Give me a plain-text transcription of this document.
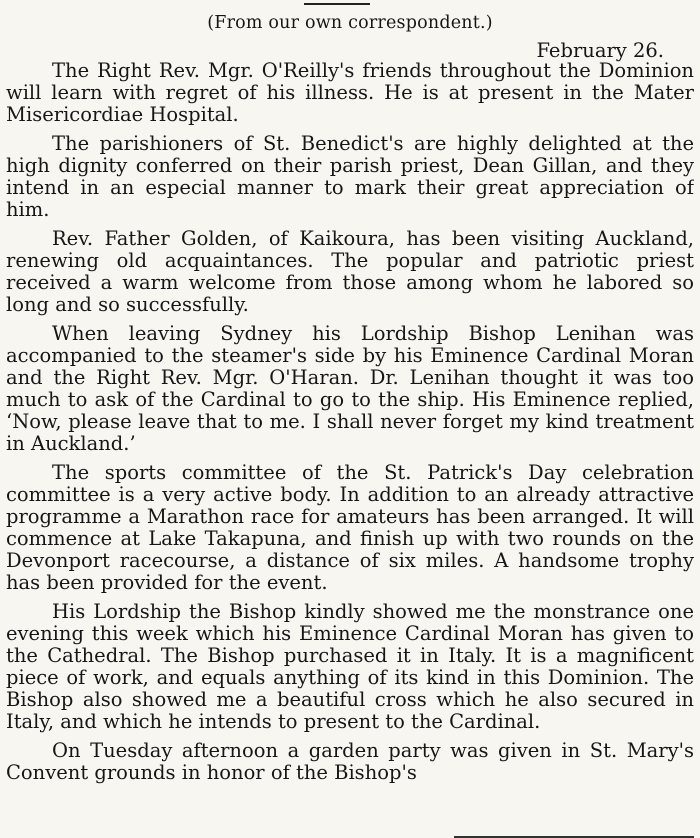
(From our own correspondent.)
February 26.

The Right Rev. Mgr. O'Reilly's friends throughout the Dominion will learn with regret of his illness. He is at present in the Mater Misericordiae Hospital.

The parishioners of St. Benedict's are highly delighted at the high dignity conferred on their parish priest, Dean Gillan, and they intend in an especial manner to mark their great appreciation of him.

Rev. Father Golden, of Kaikoura, has been visiting Auckland, renewing old acquaintances. The popular and patriotic priest received a warm welcome from those among whom he labored so long and so successfully.

When leaving Sydney his Lordship Bishop Lenihan was accompanied to the steamer's side by his Eminence Cardinal Moran and the Right Rev. Mgr. O'Haran. Dr. Lenihan thought it was too much to ask of the Cardinal to go to the ship. His Eminence replied, ‘Now, please leave that to me. I shall never forget my kind treatment in Auckland.’

The sports committee of the St. Patrick's Day celebration committee is a very active body. In addition to an already attractive programme a Marathon race for amateurs has been arranged. It will commence at Lake Takapuna, and finish up with two rounds on the Devonport racecourse, a distance of six miles. A handsome trophy has been provided for the event.

His Lordship the Bishop kindly showed me the monstrance one evening this week which his Eminence Cardinal Moran has given to the Cathedral. The Bishop purchased it in Italy. It is a magnificent piece of work, and equals anything of its kind in this Dominion. The Bishop also showed me a beautiful cross which he also secured in Italy, and which he intends to present to the Cardinal.

On Tuesday afternoon a garden party was given in St. Mary's Convent grounds in honor of the Bishop's
